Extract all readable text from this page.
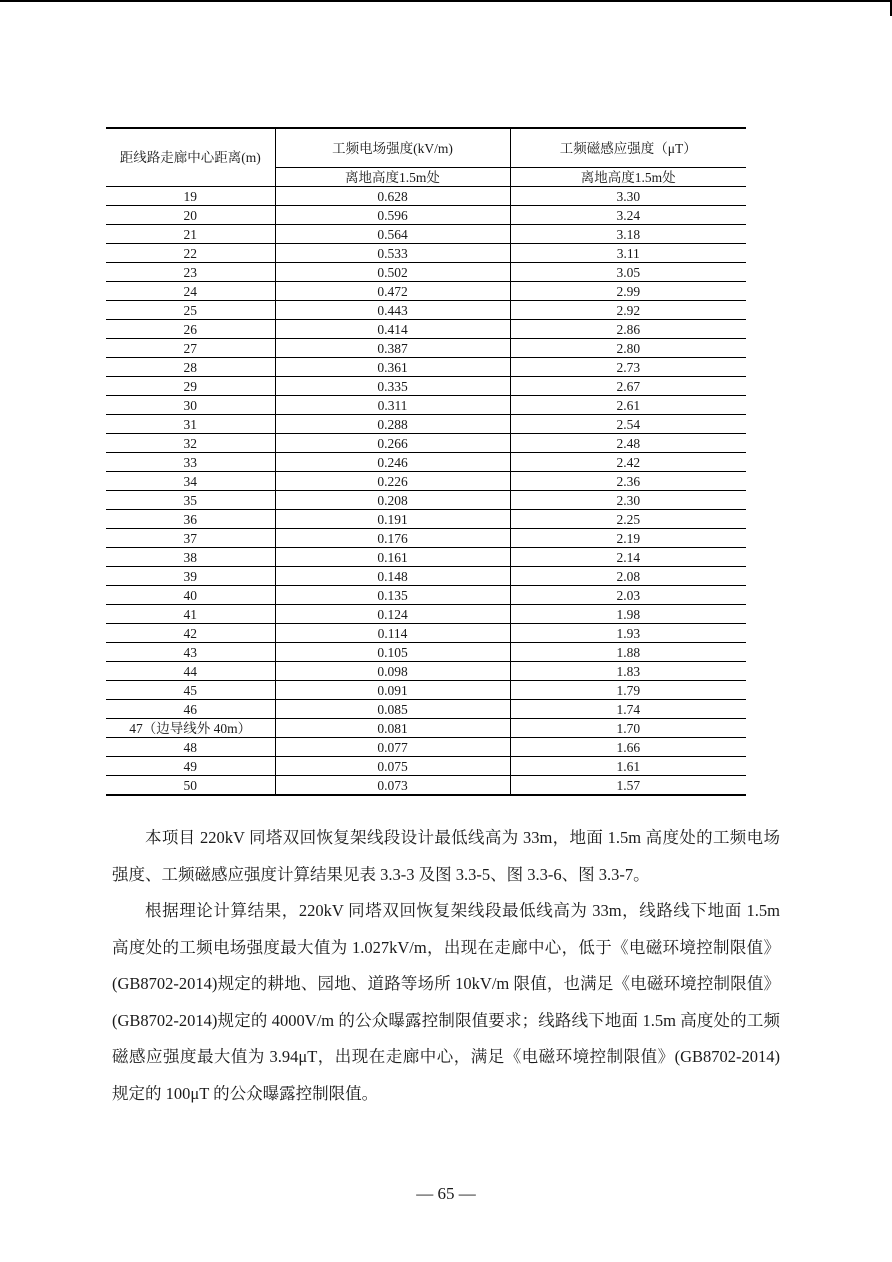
距线路走廊中心距离(m)	工频电场强度(kV/m)	工频磁感应强度（μT）
	离地高度1.5m处	离地高度1.5m处
19	0.628	3.30
20	0.596	3.24
21	0.564	3.18
22	0.533	3.11
23	0.502	3.05
24	0.472	2.99
25	0.443	2.92
26	0.414	2.86
27	0.387	2.80
28	0.361	2.73
29	0.335	2.67
30	0.311	2.61
31	0.288	2.54
32	0.266	2.48
33	0.246	2.42
34	0.226	2.36
35	0.208	2.30
36	0.191	2.25
37	0.176	2.19
38	0.161	2.14
39	0.148	2.08
40	0.135	2.03
41	0.124	1.98
42	0.114	1.93
43	0.105	1.88
44	0.098	1.83
45	0.091	1.79
46	0.085	1.74
47（边导线外 40m）	0.081	1.70
48	0.077	1.66
49	0.075	1.61
50	0.073	1.57

本项目 220kV 同塔双回恢复架线段设计最低线高为 33m，地面 1.5m 高度处的工频电场强度、工频磁感应强度计算结果见表 3.3-3 及图 3.3-5、图 3.3-6、图 3.3-7。

根据理论计算结果，220kV 同塔双回恢复架线段最低线高为 33m，线路线下地面 1.5m 高度处的工频电场强度最大值为 1.027kV/m，出现在走廊中心，低于《电磁环境控制限值》(GB8702-2014)规定的耕地、园地、道路等场所 10kV/m 限值，也满足《电磁环境控制限值》(GB8702-2014)规定的 4000V/m 的公众曝露控制限值要求；线路线下地面 1.5m 高度处的工频磁感应强度最大值为 3.94μT，出现在走廊中心，满足《电磁环境控制限值》(GB8702-2014)规定的 100μT 的公众曝露控制限值。

— 65 —
